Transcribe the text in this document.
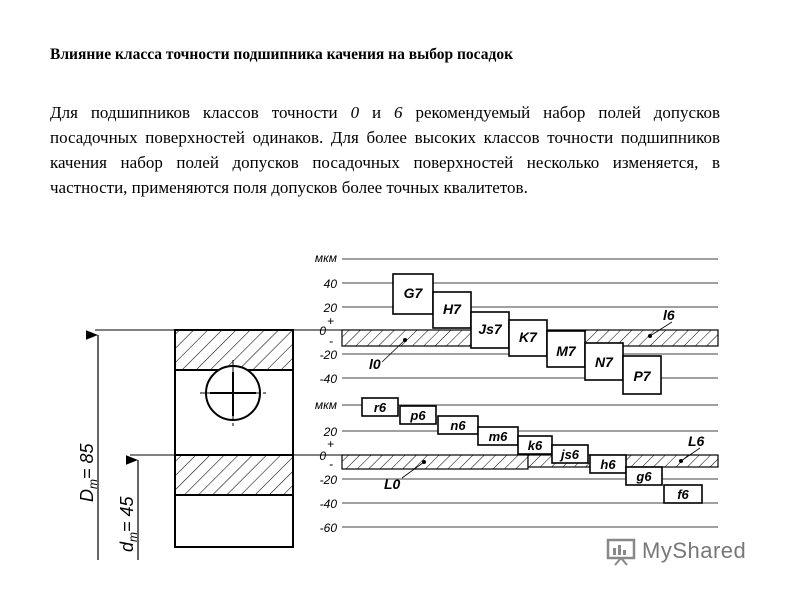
Влияние класса точности подшипника качения на выбор посадок
Для подшипников классов точности 0 и 6 рекомендуемый набор полей допусков посадочных поверхностей одинаков. Для более высоких классов точности подшипников качения набор полей допусков посадочных поверхностей несколько изменяется, в частности, применяются поля допусков более точных квалитетов.
$D_m= 85$
$d_m= 45$
мкм
40
20
0
-20
-40
+
-
G7
H7
Js7 K7
M7
N7
P7
l0
l6
мкм
20
0
-20
-40
-60
+
-
r6
p6
n6
m6
k6
js6
h6
g6
f6
L0
L6
MyShared
